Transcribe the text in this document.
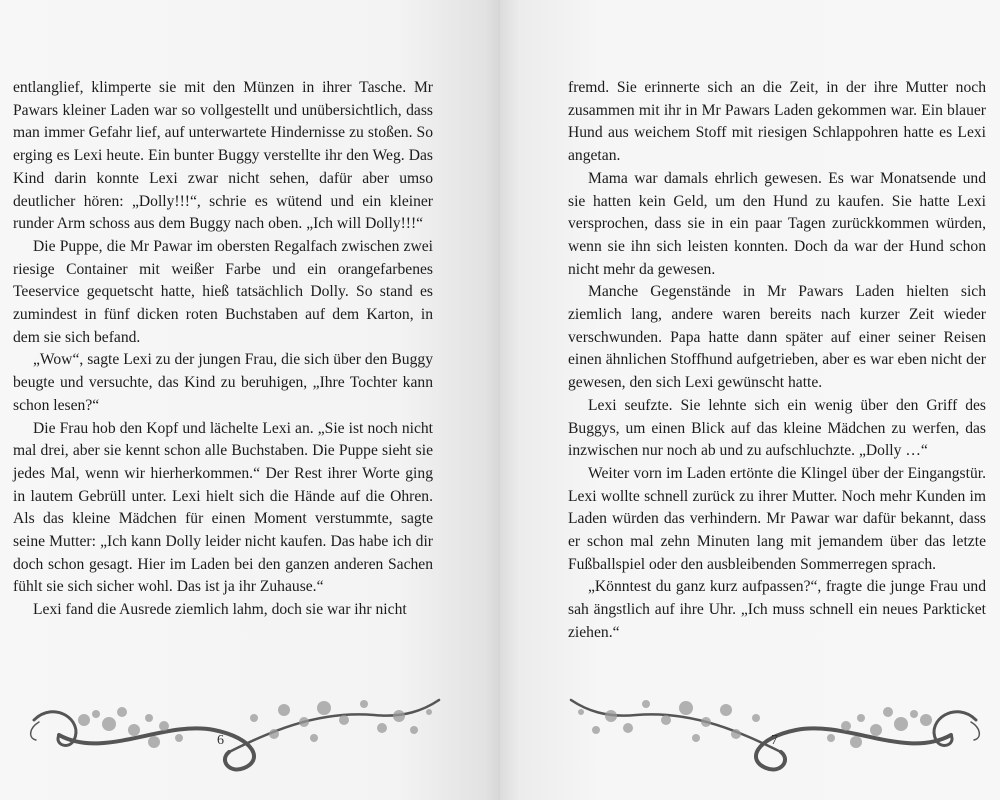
entlanglief, klimperte sie mit den Münzen in ihrer Tasche. Mr Pawars kleiner Laden war so vollgestellt und unübersichtlich, dass man immer Gefahr lief, auf unterwartete Hindernisse zu stoßen. So erging es Lexi heute. Ein bunter Buggy verstellte ihr den Weg. Das Kind darin konnte Lexi zwar nicht sehen, dafür aber umso deutlicher hören: „Dolly!!!“, schrie es wütend und ein kleiner runder Arm schoss aus dem Buggy nach oben. „Ich will Dolly!!!“

Die Puppe, die Mr Pawar im obersten Regalfach zwischen zwei riesige Container mit weißer Farbe und ein orangefarbenes Teeservice gequetscht hatte, hieß tatsächlich Dolly. So stand es zumindest in fünf dicken roten Buchstaben auf dem Karton, in dem sie sich befand.

„Wow“, sagte Lexi zu der jungen Frau, die sich über den Buggy beugte und versuchte, das Kind zu beruhigen, „Ihre Tochter kann schon lesen?“

Die Frau hob den Kopf und lächelte Lexi an. „Sie ist noch nicht mal drei, aber sie kennt schon alle Buchstaben. Die Puppe sieht sie jedes Mal, wenn wir hierherkommen.“ Der Rest ihrer Worte ging in lautem Gebrüll unter. Lexi hielt sich die Hände auf die Ohren. Als das kleine Mädchen für einen Moment verstummte, sagte seine Mutter: „Ich kann Dolly leider nicht kaufen. Das habe ich dir doch schon gesagt. Hier im Laden bei den ganzen anderen Sachen fühlt sie sich sicher wohl. Das ist ja ihr Zuhause.“

Lexi fand die Ausrede ziemlich lahm, doch sie war ihr nicht

6

fremd. Sie erinnerte sich an die Zeit, in der ihre Mutter noch zusammen mit ihr in Mr Pawars Laden gekommen war. Ein blauer Hund aus weichem Stoff mit riesigen Schlappohren hatte es Lexi angetan.

Mama war damals ehrlich gewesen. Es war Monatsende und sie hatten kein Geld, um den Hund zu kaufen. Sie hatte Lexi versprochen, dass sie in ein paar Tagen zurückkommen würden, wenn sie ihn sich leisten konnten. Doch da war der Hund schon nicht mehr da gewesen.

Manche Gegenstände in Mr Pawars Laden hielten sich ziemlich lang, andere waren bereits nach kurzer Zeit wieder verschwunden. Papa hatte dann später auf einer seiner Reisen einen ähnlichen Stoffhund aufgetrieben, aber es war eben nicht der gewesen, den sich Lexi gewünscht hatte.

Lexi seufzte. Sie lehnte sich ein wenig über den Griff des Buggys, um einen Blick auf das kleine Mädchen zu werfen, das inzwischen nur noch ab und zu aufschluchzte. „Dolly …“

Weiter vorn im Laden ertönte die Klingel über der Eingangstür. Lexi wollte schnell zurück zu ihrer Mutter. Noch mehr Kunden im Laden würden das verhindern. Mr Pawar war dafür bekannt, dass er schon mal zehn Minuten lang mit jemandem über das letzte Fußballspiel oder den ausbleibenden Sommerregen sprach.

„Könntest du ganz kurz aufpassen?“, fragte die junge Frau und sah ängstlich auf ihre Uhr. „Ich muss schnell ein neues Parkticket ziehen.“

7
